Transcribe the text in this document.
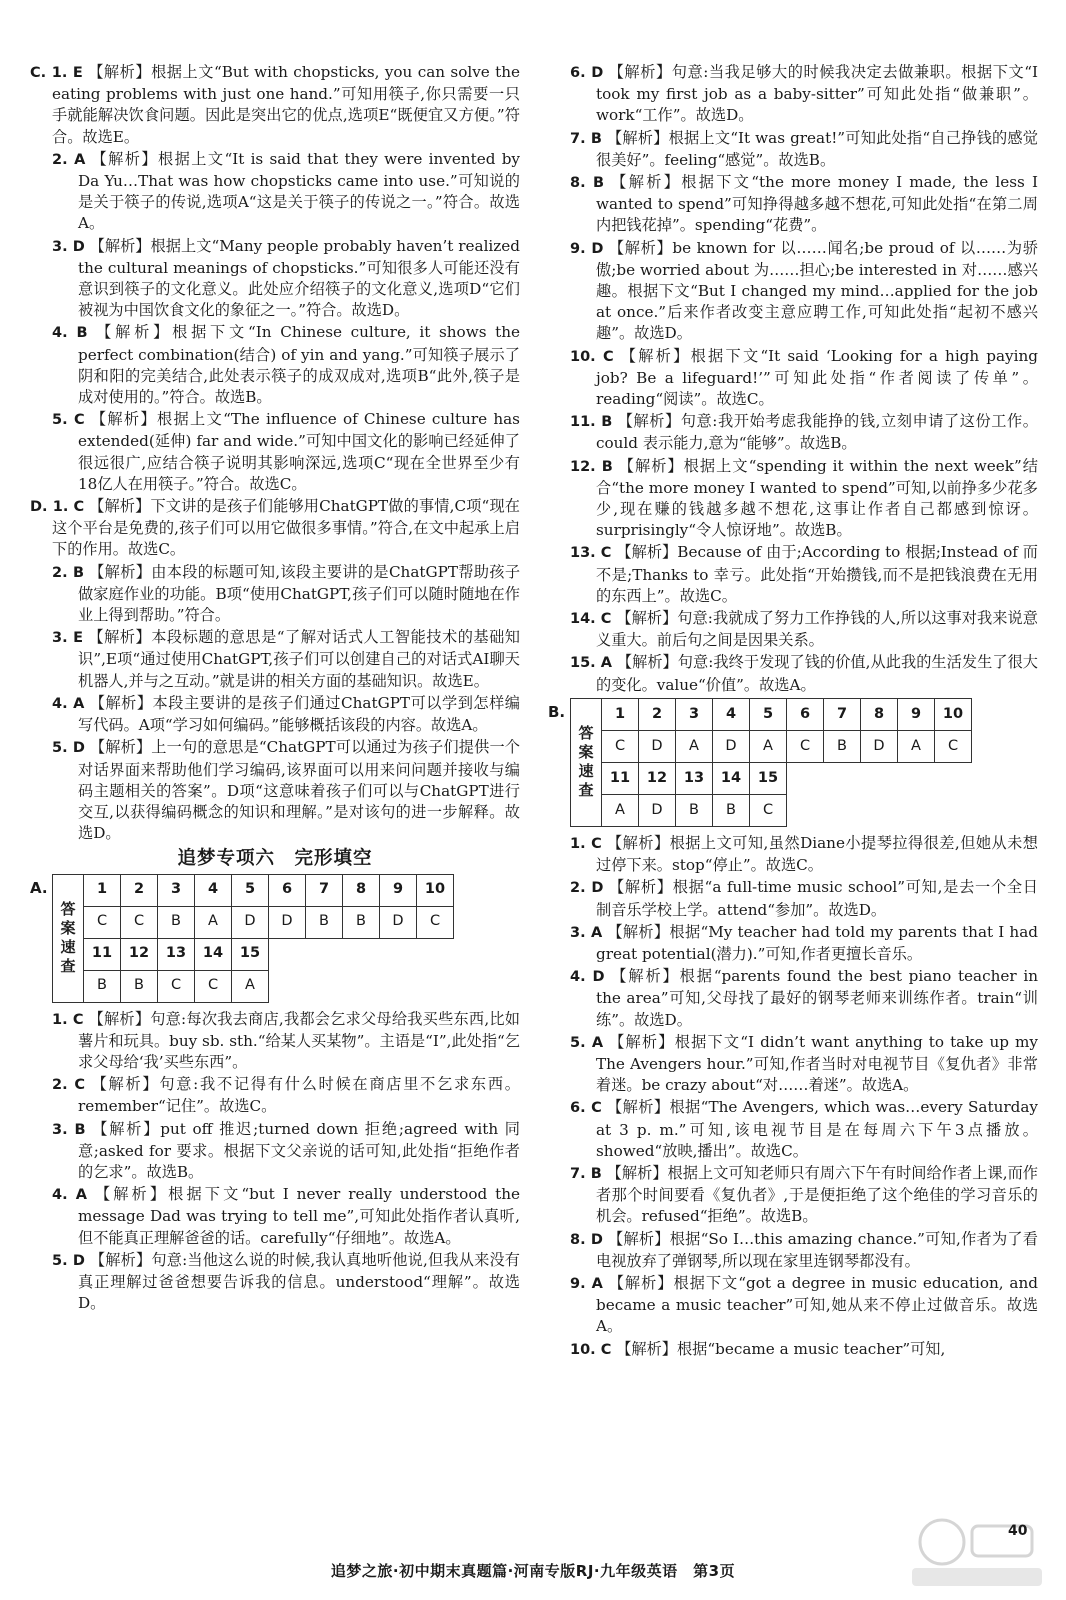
C. 1. E 【解析】根据上文“But with chopsticks, you can solve the eating problems with just one hand.”可知用筷子,你只需要一只手就能解决饮食问题。因此是突出它的优点,选项E“既便宜又方便。”符合。故选E。
2. A 【解析】根据上文“It is said that they were invented by Da Yu…That was how chopsticks came into use.”可知说的是关于筷子的传说,选项A“这是关于筷子的传说之一。”符合。故选A。
3. D 【解析】根据上文“Many people probably haven’t realized the cultural meanings of chopsticks.”可知很多人可能还没有意识到筷子的文化意义。此处应介绍筷子的文化意义,选项D“它们被视为中国饮食文化的象征之一。”符合。故选D。
4. B 【解析】根据下文“In Chinese culture, it shows the perfect combination(结合) of yin and yang.”可知筷子展示了阴和阳的完美结合,此处表示筷子的成双成对,选项B“此外,筷子是成对使用的。”符合。故选B。
5. C 【解析】根据上文“The influence of Chinese culture has extended(延伸) far and wide.”可知中国文化的影响已经延伸了很远很广,应结合筷子说明其影响深远,选项C“现在全世界至少有18亿人在用筷子。”符合。故选C。
D. 1. C 【解析】下文讲的是孩子们能够用ChatGPT做的事情,C项“现在这个平台是免费的,孩子们可以用它做很多事情。”符合,在文中起承上启下的作用。故选C。
2. B 【解析】由本段的标题可知,该段主要讲的是ChatGPT帮助孩子做家庭作业的功能。B项“使用ChatGPT,孩子们可以随时随地在作业上得到帮助。”符合。
3. E 【解析】本段标题的意思是“了解对话式人工智能技术的基础知识”,E项“通过使用ChatGPT,孩子们可以创建自己的对话式AI聊天机器人,并与之互动。”就是讲的相关方面的基础知识。故选E。
4. A 【解析】本段主要讲的是孩子们通过ChatGPT可以学到怎样编写代码。A项“学习如何编码。”能够概括该段的内容。故选A。
5. D 【解析】上一句的意思是“ChatGPT可以通过为孩子们提供一个对话界面来帮助他们学习编码,该界面可以用来问问题并接收与编码主题相关的答案”。D项“这意味着孩子们可以与ChatGPT进行交互,以获得编码概念的知识和理解。”是对该句的进一步解释。故选D。
追梦专项六　完形填空
A.
答
案
速
查	1	2	3	4	5	6	7	8	9	10
	C	C	B	A	D	D	B	B	D	C
	11	12	13	14	15					
	B	B	C	C	A					
1. C 【解析】句意:每次我去商店,我都会乞求父母给我买些东西,比如薯片和玩具。buy sb. sth.“给某人买某物”。主语是“I”,此处指“乞求父母给‘我’买些东西”。
2. C 【解析】句意:我不记得有什么时候在商店里不乞求东西。remember“记住”。故选C。
3. B 【解析】put off 推迟;turned down 拒绝;agreed with 同意;asked for 要求。根据下文父亲说的话可知,此处指“拒绝作者的乞求”。故选B。
4. A 【解析】根据下文“but I never really understood the message Dad was trying to tell me”,可知此处指作者认真听,但不能真正理解爸爸的话。carefully“仔细地”。故选A。
5. D 【解析】句意:当他这么说的时候,我认真地听他说,但我从来没有真正理解过爸爸想要告诉我的信息。understood“理解”。故选D。
6. D 【解析】句意:当我足够大的时候我决定去做兼职。根据下文“I took my first job as a baby-sitter”可知此处指“做兼职”。work“工作”。故选D。
7. B 【解析】根据上文“It was great!”可知此处指“自己挣钱的感觉很美好”。feeling“感觉”。故选B。
8. B 【解析】根据下文“the more money I made, the less I wanted to spend”可知挣得越多越不想花,可知此处指“在第二周内把钱花掉”。spending“花费”。
9. D 【解析】be known for 以……闻名;be proud of 以……为骄傲;be worried about 为……担心;be interested in 对……感兴趣。根据下文“But I changed my mind…applied for the job at once.”后来作者改变主意应聘工作,可知此处指“起初不感兴趣”。故选D。
10. C 【解析】根据下文“It said ‘Looking for a high paying job? Be a lifeguard!’”可知此处指“作者阅读了传单”。reading“阅读”。故选C。
11. B 【解析】句意:我开始考虑我能挣的钱,立刻申请了这份工作。could 表示能力,意为“能够”。故选B。
12. B 【解析】根据上文“spending it within the next week”结合“the more money I wanted to spend”可知,以前挣多少花多少,现在赚的钱越多越不想花,这事让作者自己都感到惊讶。surprisingly“令人惊讶地”。故选B。
13. C 【解析】Because of 由于;According to 根据;Instead of 而不是;Thanks to 幸亏。此处指“开始攒钱,而不是把钱浪费在无用的东西上”。故选C。
14. C 【解析】句意:我就成了努力工作挣钱的人,所以这事对我来说意义重大。前后句之间是因果关系。
15. A 【解析】句意:我终于发现了钱的价值,从此我的生活发生了很大的变化。value“价值”。故选A。
B.
答
案
速
查	1	2	3	4	5	6	7	8	9	10
	C	D	A	D	A	C	B	D	A	C
	11	12	13	14	15					
	A	D	B	B	C					
1. C 【解析】根据上文可知,虽然Diane小提琴拉得很差,但她从未想过停下来。stop“停止”。故选C。
2. D 【解析】根据“a full-time music school”可知,是去一个全日制音乐学校上学。attend“参加”。故选D。
3. A 【解析】根据“My teacher had told my parents that I had great potential(潜力).”可知,作者更擅长音乐。
4. D 【解析】根据“parents found the best piano teacher in the area”可知,父母找了最好的钢琴老师来训练作者。train“训练”。故选D。
5. A 【解析】根据下文“I didn’t want anything to take up my The Avengers hour.”可知,作者当时对电视节目《复仇者》非常着迷。be crazy about“对……着迷”。故选A。
6. C 【解析】根据“The Avengers, which was…every Saturday at 3 p. m.”可知,该电视节目是在每周六下午3点播放。showed“放映,播出”。故选C。
7. B 【解析】根据上文可知老师只有周六下午有时间给作者上课,而作者那个时间要看《复仇者》,于是便拒绝了这个绝佳的学习音乐的机会。refused“拒绝”。故选B。
8. D 【解析】根据“So I…this amazing chance.”可知,作者为了看电视放弃了弹钢琴,所以现在家里连钢琴都没有。
9. A 【解析】根据下文“got a degree in music education, and became a music teacher”可知,她从来不停止过做音乐。故选A。
10. C 【解析】根据“became a music teacher”可知,
40
追梦之旅·初中期末真题篇·河南专版RJ·九年级英语　第3页
